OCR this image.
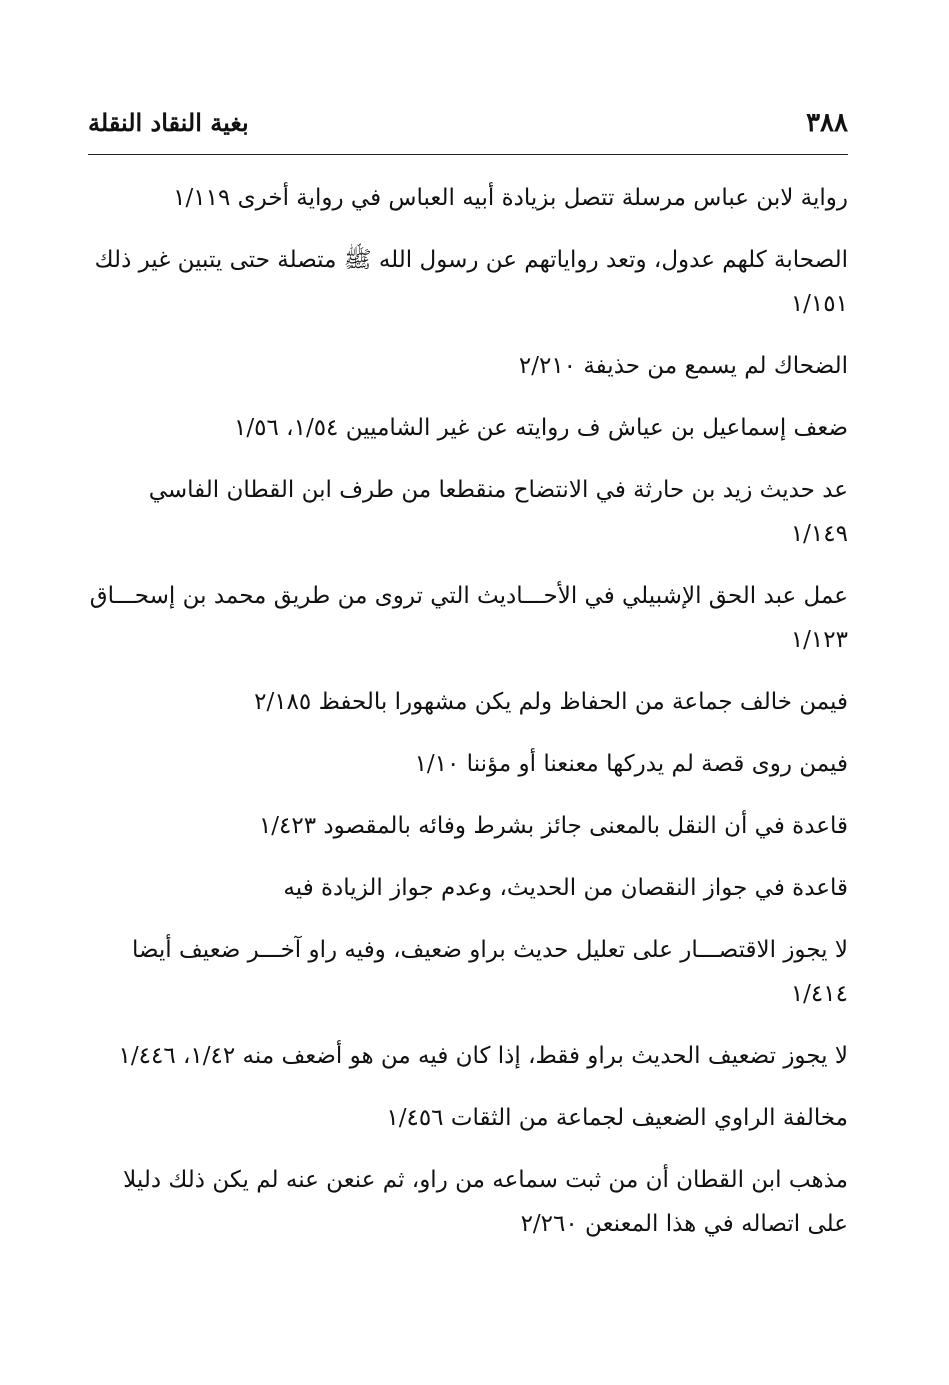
٣٨٨
بغية النقاد النقلة

رواية لابن عباس مرسلة تتصل بزيادة أبيه العباس في رواية أخرى ١/١١٩

الصحابة كلهم عدول، وتعد رواياتهم عن رسول الله ﷺ متصلة حتى يتبين غير ذلك ١/١٥١

الضحاك لم يسمع من حذيفة ٢/٢١٠

ضعف إسماعيل بن عياش ف روايته عن غير الشاميين ١/٥٤، ١/٥٦

عد حديث زيد بن حارثة في الانتضاح منقطعا من طرف ابن القطان الفاسي ١/١٤٩

عمل عبد الحق الإشبيلي في الأحـــاديث التي تروى من طريق محمد بن إسحـــاق ١/١٢٣

فيمن خالف جماعة من الحفاظ ولم يكن مشهورا بالحفظ ٢/١٨٥

فيمن روى قصة لم يدركها معنعنا أو مؤننا ١/١٠

قاعدة في أن النقل بالمعنى جائز بشرط وفائه بالمقصود ١/٤٢٣

قاعدة في جواز النقصان من الحديث، وعدم جواز الزيادة فيه

لا يجوز الاقتصـــار على تعليل حديث براو ضعيف، وفيه راو آخـــر ضعيف أيضا ١/٤١٤

لا يجوز تضعيف الحديث براو فقط، إذا كان فيه من هو أضعف منه ١/٤٢، ١/٤٤٦

مخالفة الراوي الضعيف لجماعة من الثقات ١/٤٥٦

مذهب ابن القطان أن من ثبت سماعه من راو، ثم عنعن عنه لم يكن ذلك دليلا على اتصاله في هذا المعنعن ٢/٢٦٠
